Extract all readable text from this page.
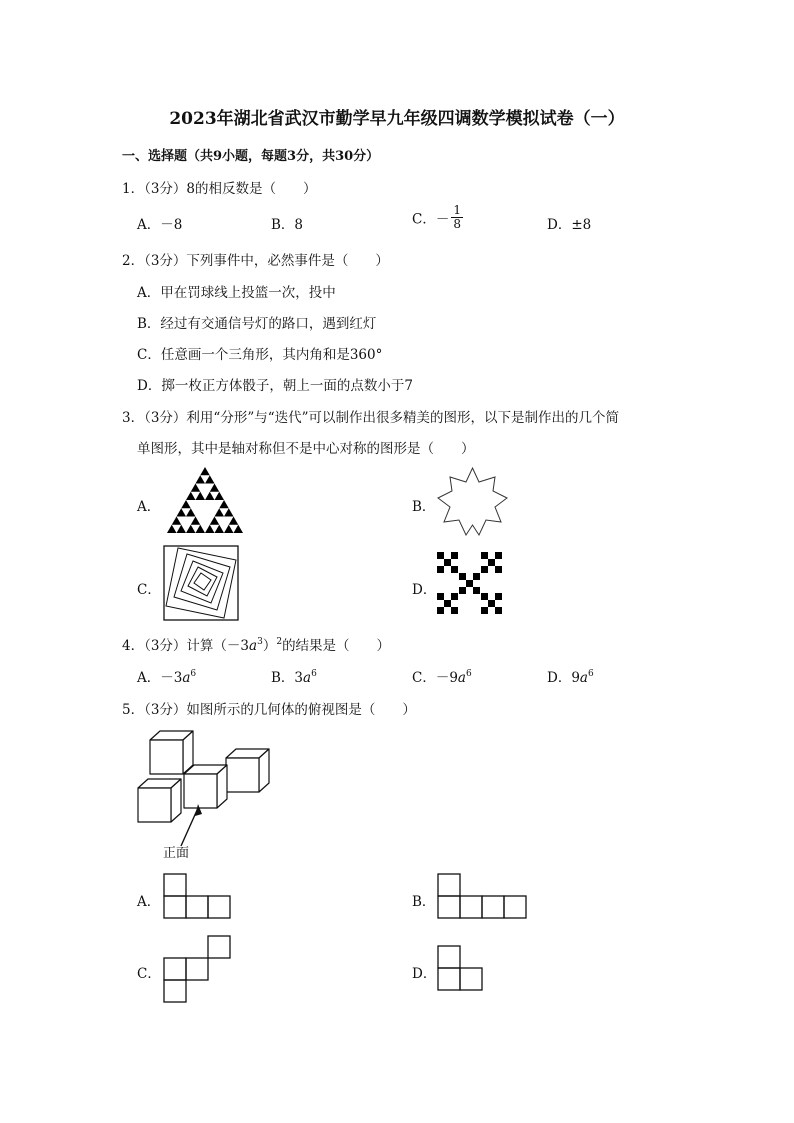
2023年湖北省武汉市勤学早九年级四调数学模拟试卷（一）
一、选择题（共9小题，每题3分，共30分）
1．（3分）8的相反数是（　　）
A．－8	B．8	C．－ $\frac{1}{8}$	D．±8
2．（3分）下列事件中，必然事件是（　　）
A．甲在罚球线上投篮一次，投中
B．经过有交通信号灯的路口，遇到红灯
C．任意画一个三角形，其内角和是360°
D．掷一枚正方体骰子，朝上一面的点数小于7
3．（3分）利用“分形”与“迭代”可以制作出很多精美的图形，以下是制作出的几个简
单图形，其中是轴对称但不是中心对称的图形是（　　）
A．	B．
C．	D．
4．（3分）计算$(-3a^3)^2$的结果是（　　）
A．$-3a^6$	B．$3a^6$	C．$-9a^6$	D．$9a^6$
5．（3分）如图所示的几何体的俯视图是（　　）
正面
A．	B．
C．	D．
